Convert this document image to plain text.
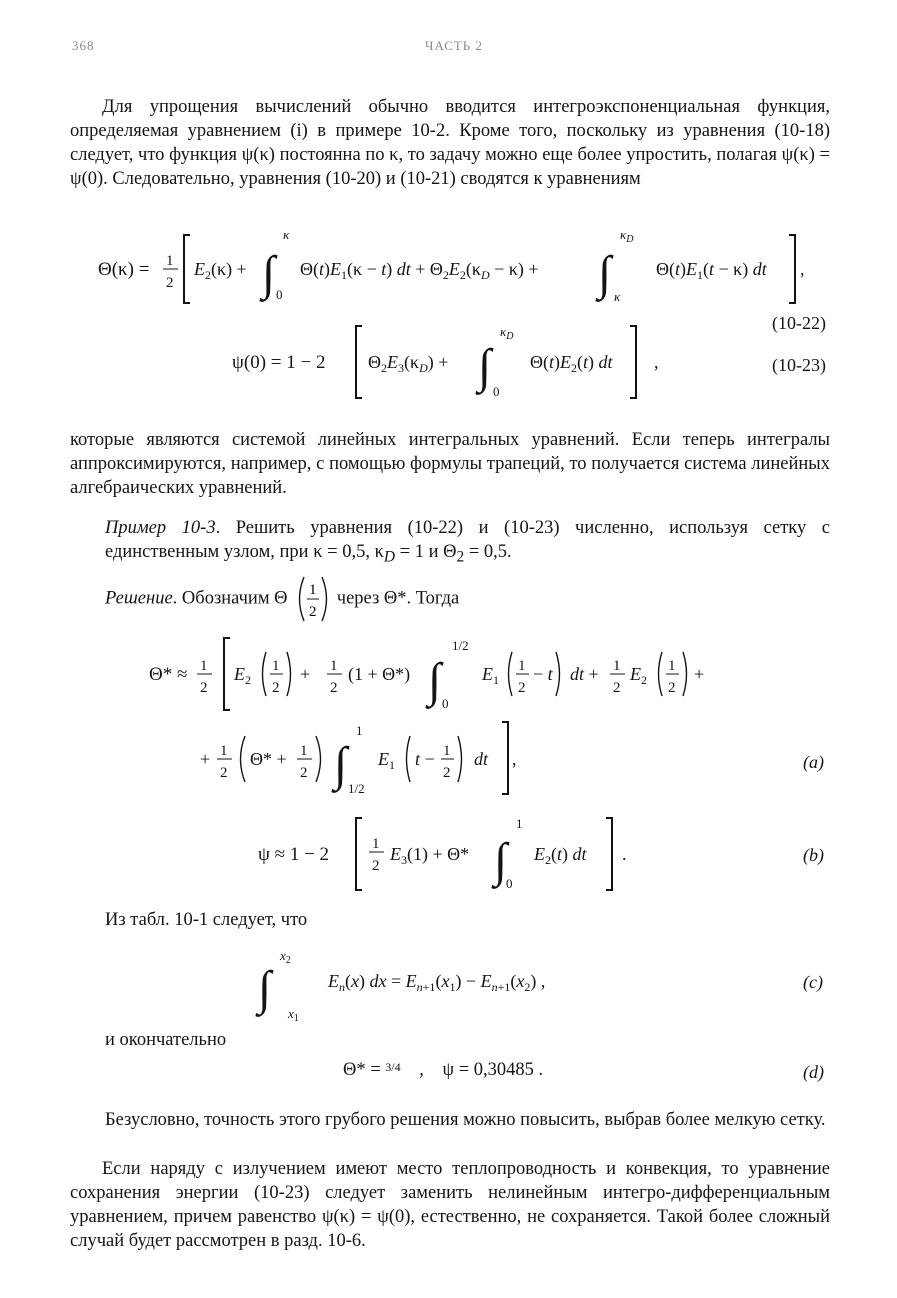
368	ЧАСТЬ 2

Для упрощения вычислений обычно вводится интегроэкспоненциальная функция, определяемая уравнением (i) в примере 10-2. Кроме того, поскольку из уравнения (10-18) следует, что функция ψ(κ) постоянна по κ, то задачу можно еще более упростить, полагая ψ(κ) = ψ(0). Следовательно, уравнения (10-20) и (10-21) сводятся к уравнениям

Θ(κ) = 1
2
$E_2(\kappa)$ + ∫
κ
0
$\Theta(t)E_1(\kappa - t)$ dt + $\Theta_2E_2(\kappa_D - \kappa)$ + ∫
$\kappa_D$
κ
$\Theta(t)E_1(t - \kappa)$ dt ,
(10-22)
ψ(0) = 1 − 2 $\Theta_2E_3(\kappa_D)$ + ∫
$\kappa_D$
0
$\Theta(t)E_2(t)$ dt ,	(10-23)

которые являются системой линейных интегральных уравнений. Если теперь интегралы аппроксимируются, например, с помощью формулы трапеций, то получается система линейных алгебраических уравнений.

Пример 10-3. Решить уравнения (10-22) и (10-23) численно, используя сетку с единственным узлом, при κ = 0,5, $\kappa_D = 1$ и $\Theta_2 = 0,5$.

Решение. Обозначим Θ 1
2
через Θ*. Тогда
Θ* ≈ 1
2
$E_2$
1
2
+ 1
2
(1 + Θ*) ∫
1/2
0
$E_1$
1
2
− t dt + 1
2
$E_2$
1
2
+
+ 1
2
Θ* + 1
2 ∫
1
1/2
$E_1$ t − 1
2
dt ,	(a)
ψ ≈ 1 − 2	1
2
$E_3(1) + \Theta*$ ∫
1
0
$E_2(t)$ dt .	(b)
Из табл. 10-1 следует, что
∫
$x_2$
$x_1$
$E_n(x)$ dx = $E_{n+1}(x_1) - E_{n+1}(x_2)$ ,	(c)
и окончательно
Θ* = $^{3/4}$ , ψ = 0,30485 .	(d)

Безусловно, точность этого грубого решения можно повысить, выбрав более мелкую сетку.

Если наряду с излучением имеют место теплопроводность и конвекция, то уравнение сохранения энергии (10-23) следует заменить нелинейным интегро-дифференциальным уравнением, причем равенство ψ(κ) = ψ(0), естественно, не сохраняется. Такой более сложный случай будет рассмотрен в разд. 10-6.
